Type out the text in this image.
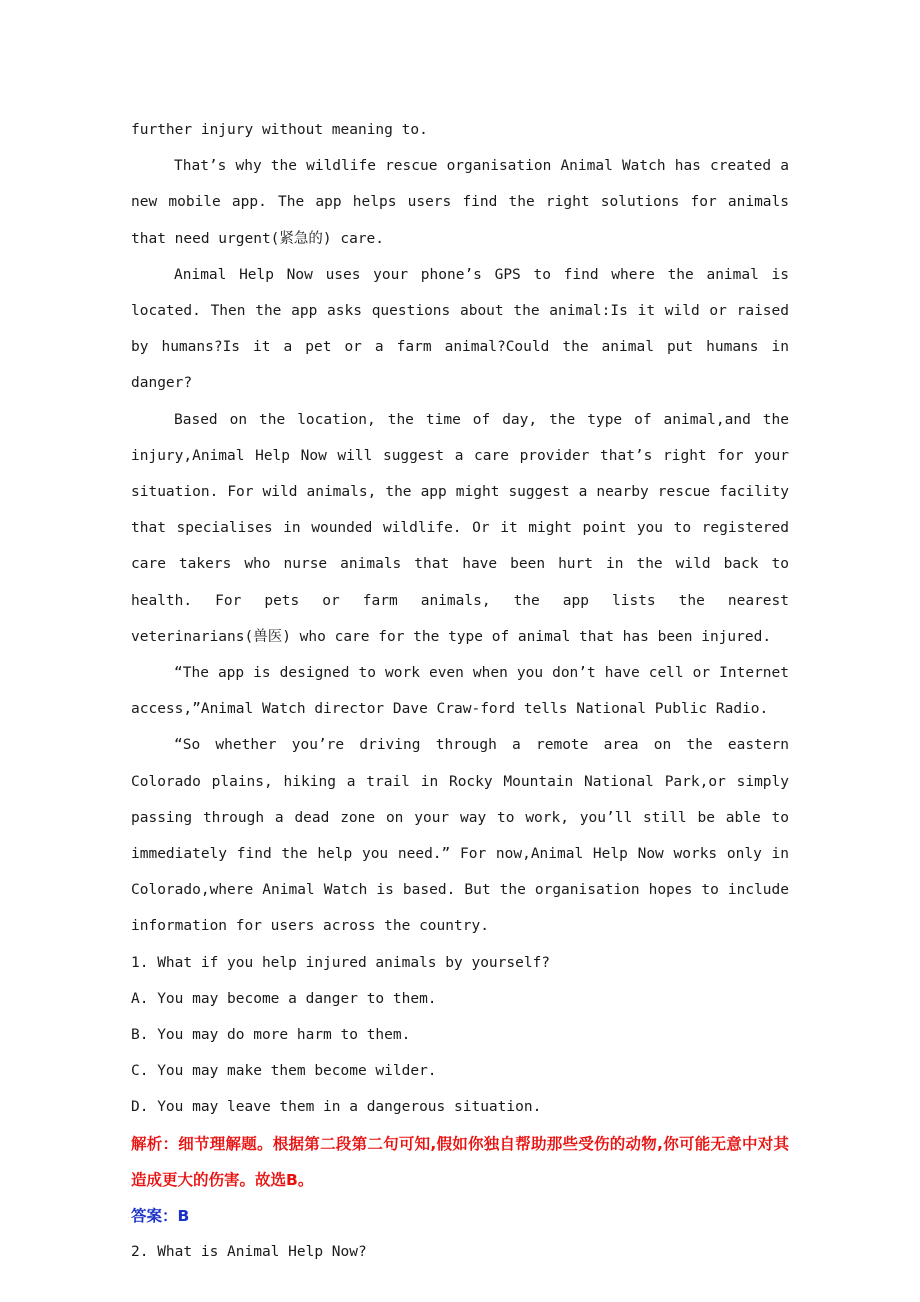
further injury without meaning to.

That’s why the wildlife rescue organisation Animal Watch has created a new mobile app. The app helps users find the right solutions for animals that need urgent(紧急的) care.

Animal Help Now uses your phone’s GPS to find where the animal is located. Then the app asks questions about the animal:Is it wild or raised by humans?Is it a pet or a farm animal?Could the animal put humans in danger?

Based on the location, the time of day, the type of animal,and the injury,Animal Help Now will suggest a care provider that’s right for your situation. For wild animals, the app might suggest a nearby rescue facility that specialises in wounded wildlife. Or it might point you to registered care takers who nurse animals that have been hurt in the wild back to health. For pets or farm animals, the app lists the nearest veterinarians(兽医) who care for the type of animal that has been injured.

“The app is designed to work even when you don’t have cell or Internet access,”Animal Watch director Dave Craw-ford tells National Public Radio.

“So whether you’re driving through a remote area on the eastern Colorado plains, hiking a trail in Rocky Mountain National Park,or simply passing through a dead zone on your way to work, you’ll still be able to immediately find the help you need.” For now,Animal Help Now works only in Colorado,where Animal Watch is based. But the organisation hopes to include information for users across the country.

1. What if you help injured animals by yourself?

A. You may become a danger to them.

B. You may do more harm to them.

C. You may make them become wilder.

D. You may leave them in a dangerous situation.

解析：细节理解题。根据第二段第二句可知,假如你独自帮助那些受伤的动物,你可能无意中对其造成更大的伤害。故选B。

答案：B

2. What is Animal Help Now?
